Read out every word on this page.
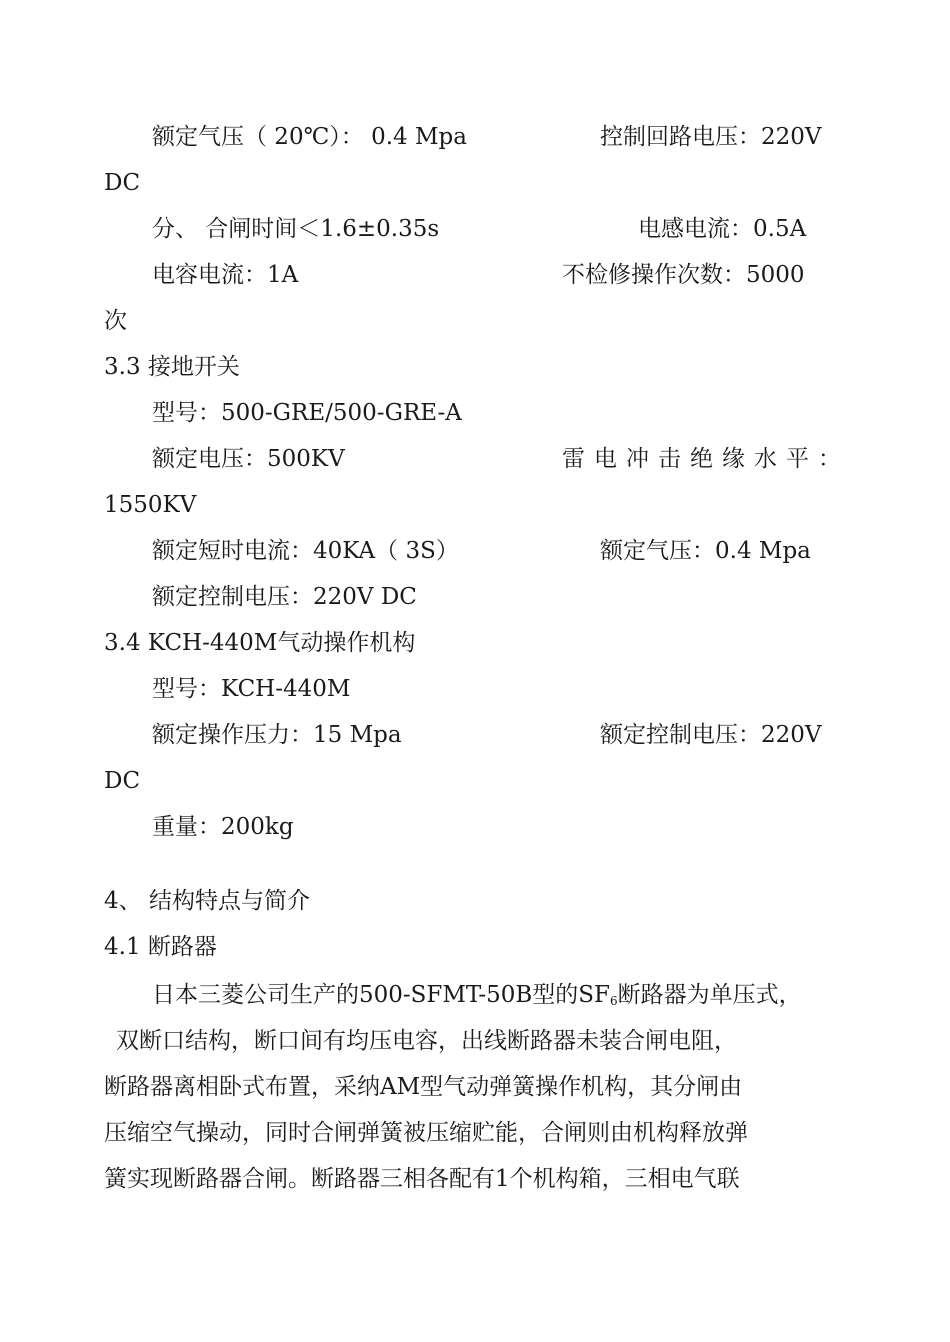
额定气压（ 20℃）： 0.4 Mpa	控制回路电压：220V
DC
分、 合闸时间＜1.6±0.35s	电感电流：0.5A
电容电流：1A	不检修操作次数：5000
次
3.3 接地开关
型号：500-GRE/500-GRE-A
额定电压：500KV	雷电冲击绝缘水平：
1550KV
额定短时电流：40KA（ 3S）	额定气压：0.4 Mpa
额定控制电压：220V DC
3.4 KCH-440M气动操作机构
型号：KCH-440M
额定操作压力：15 Mpa	额定控制电压：220V
DC
重量：200kg
4、 结构特点与简介
4.1 断路器
日本三菱公司生产的500-SFMT-50B型的$SF_6$断路器为单压式，
双断口结构，断口间有均压电容，出线断路器未装合闸电阻，
断路器离相卧式布置，采纳AM型气动弹簧操作机构，其分闸由
压缩空气操动，同时合闸弹簧被压缩贮能，合闸则由机构释放弹
簧实现断路器合闸。断路器三相各配有1个机构箱，三相电气联
